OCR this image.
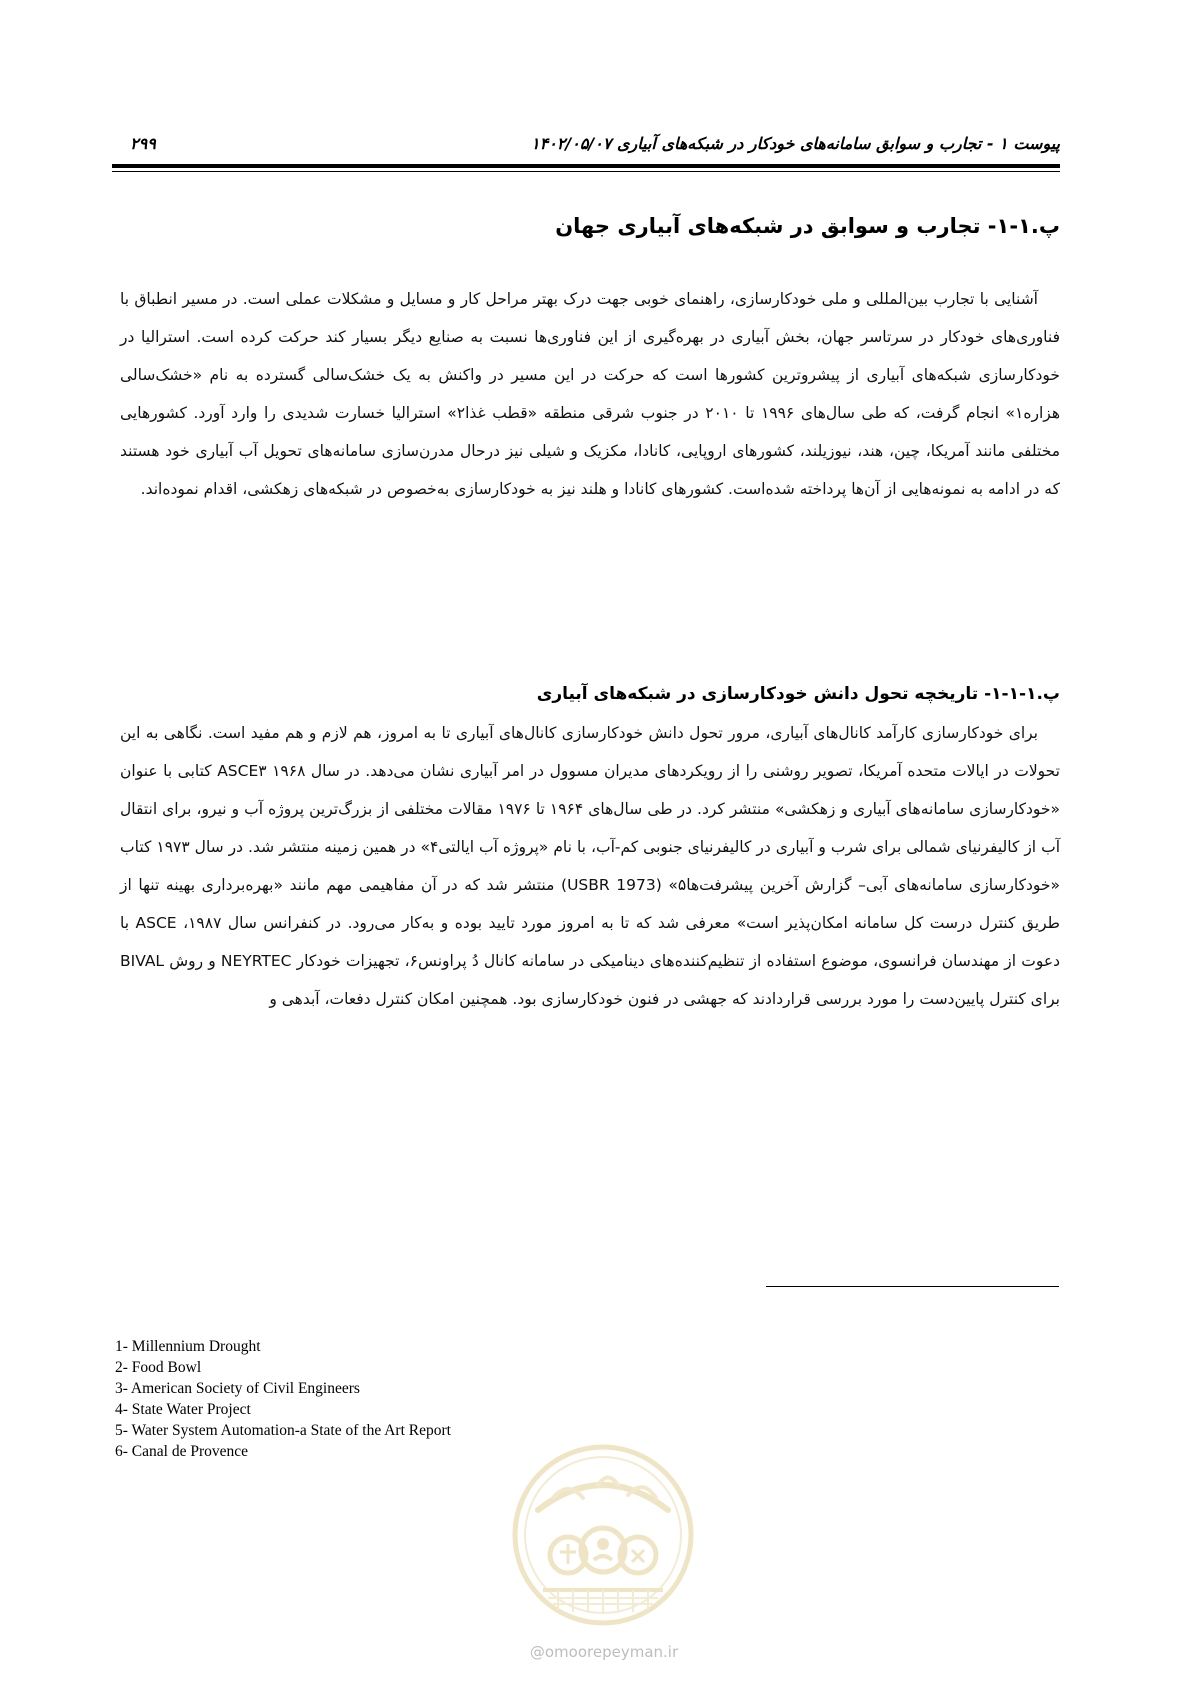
پیوست ۱ - تجارب و سوابق سامانه‌های خودکار در شبکه‌های آبیاری ۱۴۰۲/۰۵/۰۷
۲۹۹
پ.۱-۱- تجارب و سوابق در شبکه‌های آبیاری جهان

آشنایی با تجارب بین‌المللی و ملی خودکارسازی، راهنمای خوبی جهت درک بهتر مراحل کار و مسایل و مشکلات عملی است. در مسیر انطباق با فناوری‌های خودکار در سرتاسر جهان، بخش آبیاری در بهره‌گیری از این فناوری‌ها نسبت به صنایع دیگر بسیار کند حرکت کرده است. استرالیا در خودکارسازی شبکه‌های آبیاری از پیشروترین کشورها است که حرکت در این مسیر در واکنش به یک خشک‌سالی گسترده به نام «خشک‌سالی هزاره۱» انجام گرفت، که طی سال‌های ۱۹۹۶ تا ۲۰۱۰ در جنوب شرقی منطقه «قطب غذا۲» استرالیا خسارت شدیدی را وارد آورد. کشورهایی مختلفی مانند آمریکا، چین، هند، نیوزیلند، کشورهای اروپایی، کانادا، مکزیک و شیلی نیز درحال مدرن‌سازی سامانه‌های تحویل آب آبیاری خود هستند که در ادامه به نمونه‌هایی از آن‌ها پرداخته شده‌است. کشورهای کانادا و هلند نیز به خودکارسازی به‌خصوص در شبکه‌های زهکشی، اقدام نموده‌اند.

پ.۱-۱-۱- تاریخچه تحول دانش خودکارسازی در شبکه‌های آبیاری

برای خودکارسازی کارآمد کانال‌های آبیاری، مرور تحول دانش خودکارسازی کانال‌های آبیاری تا به امروز، هم لازم و هم مفید است. نگاهی به این تحولات در ایالات متحده آمریکا، تصویر روشنی را از رویکردهای مدیران مسوول در امر آبیاری نشان می‌دهد. در سال ۱۹۶۸ ASCE۳ کتابی با عنوان «خودکارسازی سامانه‌های آبیاری و زهکشی» منتشر کرد. در طی سال‌های ۱۹۶۴ تا ۱۹۷۶ مقالات مختلفی از بزرگ‌ترین پروژه آب و نیرو، برای انتقال آب از کالیفرنیای شمالی برای شرب و آبیاری در کالیفرنیای جنوبی کم-آب، با نام «پروژه آب ایالتی۴» در همین زمینه منتشر شد. در سال ۱۹۷۳ کتاب «خودکارسازی سامانه‌های آبی– گزارش آخرین پیشرفت‌ها۵» (USBR 1973) منتشر شد که در آن مفاهیمی مهم مانند «بهره‌برداری بهینه تنها از طریق کنترل درست کل سامانه امکان‌پذیر است» معرفی شد که تا به امروز مورد تایید بوده و به‌کار می‌رود. در کنفرانس سال ۱۹۸۷، ASCE با دعوت از مهندسان فرانسوی، موضوع استفاده از تنظیم‌کننده‌های دینامیکی در سامانه کانال دُ پراونس۶، تجهیزات خودکار NEYRTEC و روش BIVAL برای کنترل پایین‌دست را مورد بررسی قراردادند که جهشی در فنون خودکارسازی بود. همچنین امکان کنترل دفعات، آبدهی و

1- Millennium Drought
2- Food Bowl
3- American Society of Civil Engineers
4- State Water Project
5- Water System Automation-a State of the Art Report
6- Canal de Provence
@omoorepeyman.ir
